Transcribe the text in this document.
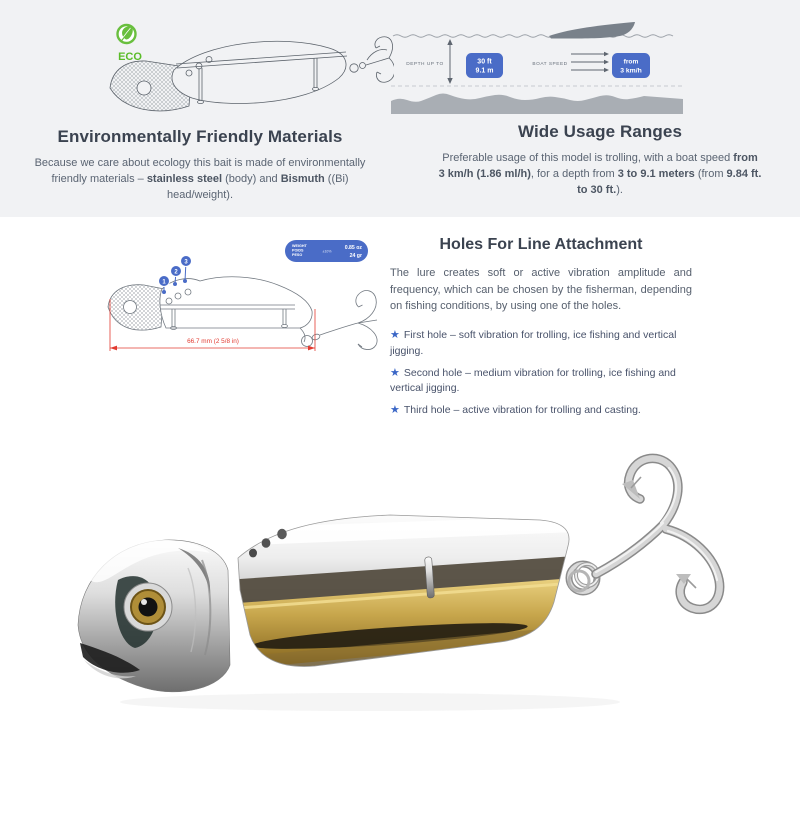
ECO
Environmentally Friendly Materials

Because we care about ecology this bait is made of environmentally friendly materials – stainless steel (body) and Bismuth ((Bi) head/weight).

DEPTH UP TO	30 ft
9.1 m
BOAT SPEED	from
3 km/h
Wide Usage Ranges

Preferable usage of this model is trolling, with a boat speed from 3 km/h (1.86 ml/h), for a depth from 3 to 9.1 meters (from 9.84 ft. to 30 ft.).

WEIGHT
POIDS
PESO
±10%
0.85 oz
24 gr
1
2
3
66.7 mm (2 5/8 in)
Holes For Line Attachment

The lure creates soft or active vibration amplitude and frequency, which can be chosen by the fisherman, depending on fishing conditions, by using one of the holes.

★ First hole – soft vibration for trolling, ice fishing and vertical jigging.
★ Second hole – medium vibration for trolling, ice fishing and vertical jigging.
★ Third hole – active vibration for trolling and casting.
